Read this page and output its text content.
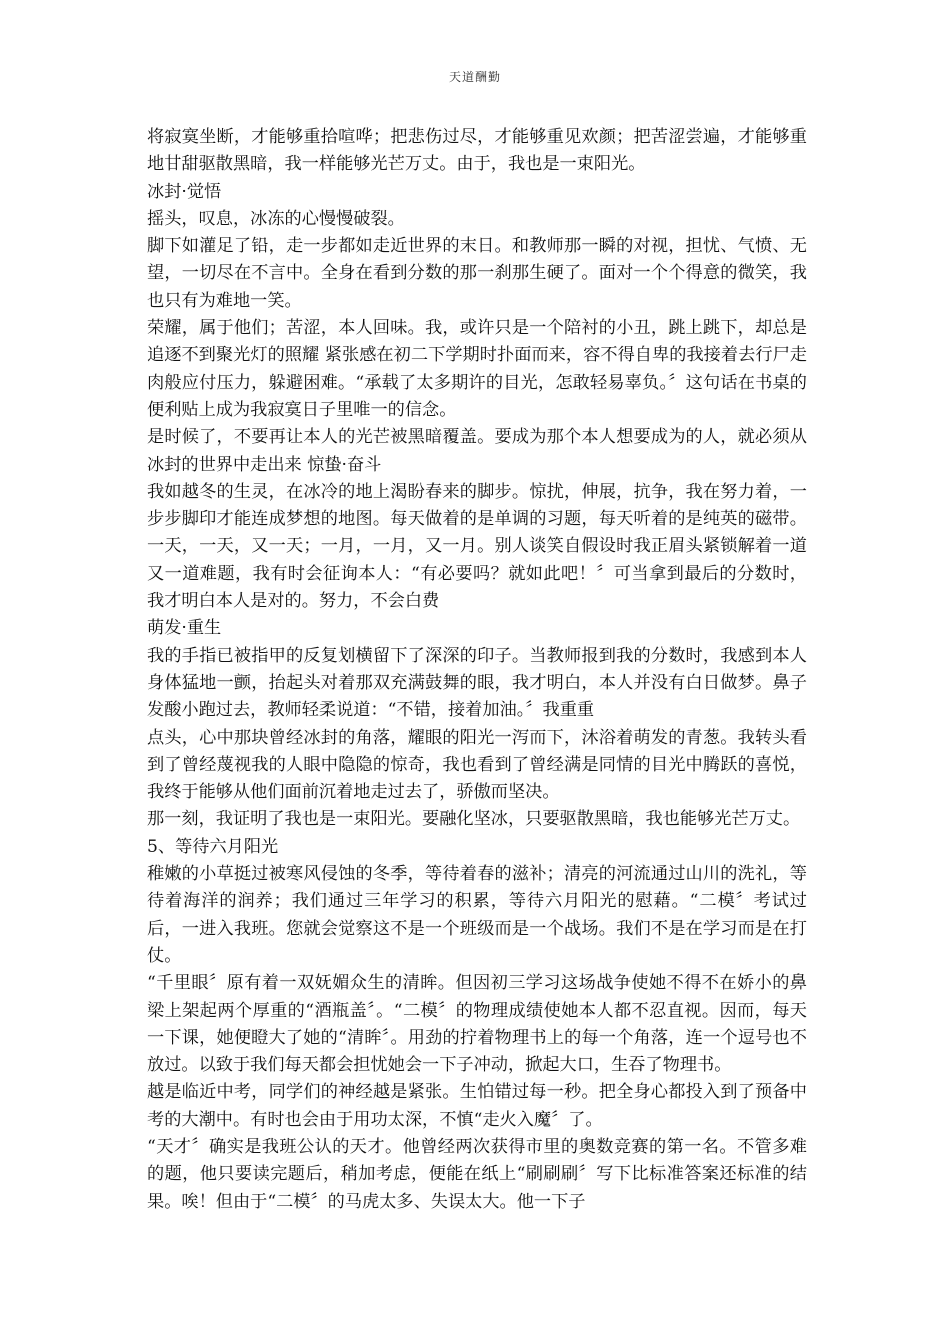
天道酬勤

将寂寞坐断，才能够重拾喧哗；把悲伤过尽，才能够重见欢颜；把苦涩尝遍，才能够重地甘甜驱散黑暗，我一样能够光芒万丈。由于，我也是一束阳光。

冰封·觉悟

摇头，叹息，冰冻的心慢慢破裂。

脚下如灌足了铅，走一步都如走近世界的末日。和教师那一瞬的对视，担忧、气愤、无望，一切尽在不言中。全身在看到分数的那一刹那生硬了。面对一个个得意的微笑，我也只有为难地一笑。

荣耀，属于他们；苦涩，本人回味。我，或许只是一个陪衬的小丑，跳上跳下，却总是追逐不到聚光灯的照耀 紧张感在初二下学期时扑面而来，容不得自卑的我接着去行尸走肉般应付压力，躲避困难。“承载了太多期许的目光，怎敢轻易辜负。〞这句话在书桌的便利贴上成为我寂寞日子里唯一的信念。

是时候了，不要再让本人的光芒被黑暗覆盖。要成为那个本人想要成为的人，就必须从冰封的世界中走出来 惊蛰·奋斗

我如越冬的生灵，在冰冷的地上渴盼春来的脚步。惊扰，伸展，抗争，我在努力着，一步步脚印才能连成梦想的地图。每天做着的是单调的习题，每天听着的是纯英的磁带。一天，一天，又一天；一月，一月，又一月。别人谈笑自假设时我正眉头紧锁解着一道又一道难题，我有时会征询本人：“有必要吗？就如此吧！〞可当拿到最后的分数时，我才明白本人是对的。努力，不会白费

萌发·重生

我的手指已被指甲的反复划横留下了深深的印子。当教师报到我的分数时，我感到本人身体猛地一颤，抬起头对着那双充满鼓舞的眼，我才明白，本人并没有白日做梦。鼻子发酸小跑过去，教师轻柔说道：“不错，接着加油。〞我重重

点头，心中那块曾经冰封的角落，耀眼的阳光一泻而下，沐浴着萌发的青葱。我转头看到了曾经蔑视我的人眼中隐隐的惊奇，我也看到了曾经满是同情的目光中腾跃的喜悦，我终于能够从他们面前沉着地走过去了，骄傲而坚决。

那一刻，我证明了我也是一束阳光。要融化坚冰，只要驱散黑暗，我也能够光芒万丈。

5、等待六月阳光

稚嫩的小草挺过被寒风侵蚀的冬季，等待着春的滋补；清亮的河流通过山川的洗礼，等待着海洋的润养；我们通过三年学习的积累，等待六月阳光的慰藉。“二模〞考试过后，一进入我班。您就会觉察这不是一个班级而是一个战场。我们不是在学习而是在打仗。

“千里眼〞原有着一双妩媚众生的清眸。但因初三学习这场战争使她不得不在娇小的鼻梁上架起两个厚重的“酒瓶盖〞。“二模〞的物理成绩使她本人都不忍直视。因而，每天一下课，她便瞪大了她的“清眸〞。用劲的拧着物理书上的每一个角落，连一个逗号也不放过。以致于我们每天都会担忧她会一下子冲动，掀起大口，生吞了物理书。

越是临近中考，同学们的神经越是紧张。生怕错过每一秒。把全身心都投入到了预备中考的大潮中。有时也会由于用功太深，不慎“走火入魔〞了。

“天才〞确实是我班公认的天才。他曾经两次获得市里的奥数竞赛的第一名。不管多难的题，他只要读完题后，稍加考虑，便能在纸上“刷刷刷〞写下比标准答案还标准的结果。唉！但由于“二模〞的马虎太多、失误太大。他一下子
